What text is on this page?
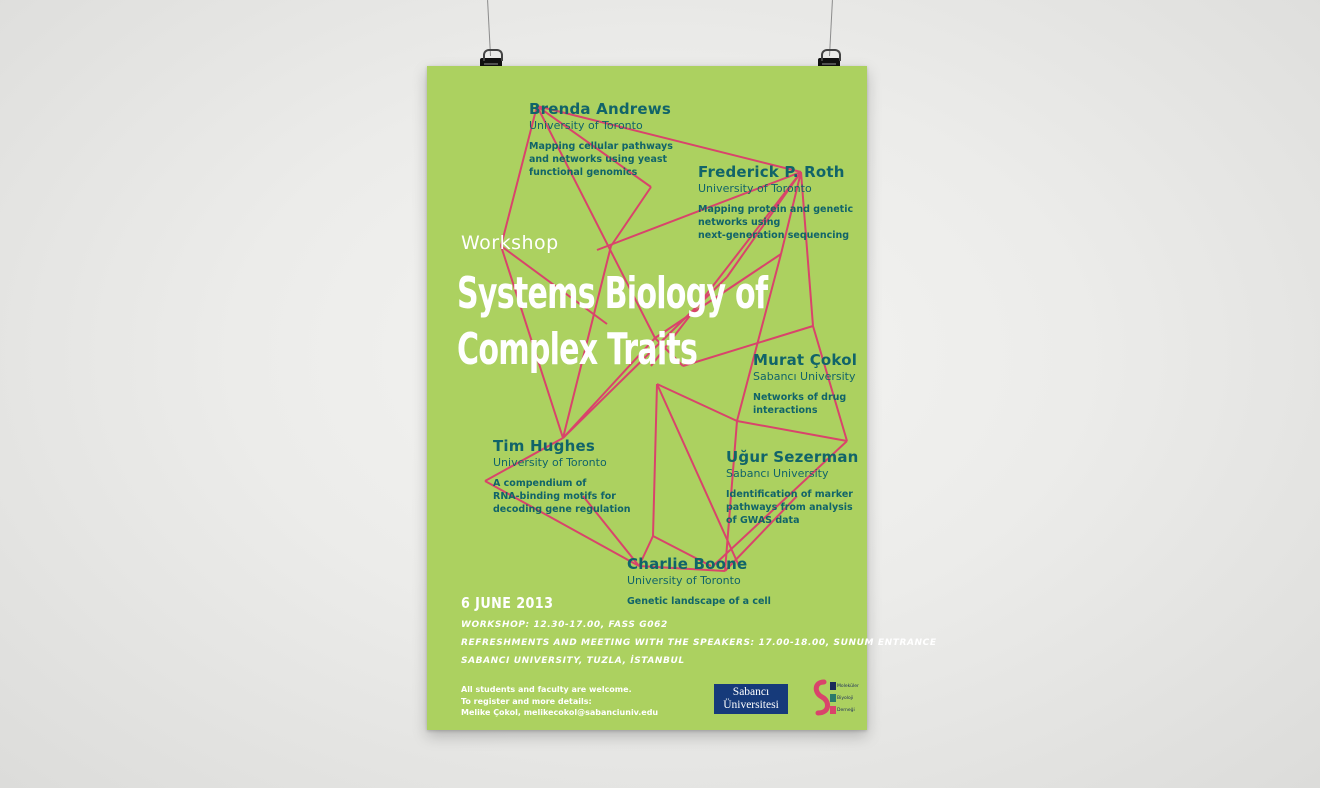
Brenda Andrews
University of Toronto
Mapping cellular pathways
and networks using yeast
functional genomics	Frederick P. Roth
University of Toronto
Mapping protein and genetic
networks using
next-generation sequencing
Murat Çokol
Sabancı University
Networks of drug
interactions
Tim Hughes
University of Toronto
A compendium of
RNA-binding motifs for
decoding gene regulation
Uğur Sezerman
Sabancı University
Identification of marker
pathways from analysis
of GWAS data
Charlie Boone
University of Toronto
Genetic landscape of a cell
Workshop
Systems Biology of
Complex Traits
6 JUNE 2013
WORKSHOP: 12.30-17.00, FASS G062
REFRESHMENTS AND MEETING WITH THE SPEAKERS: 17.00-18.00, SUNUM ENTRANCE
SABANCI UNIVERSITY, TUZLA, İSTANBUL
All students and faculty are welcome.
To register and more details:
Melike Çokol, melikecokol@sabanciuniv.edu
Sabancı
Üniversitesi
Moleküler
Biyoloji
Derneği
